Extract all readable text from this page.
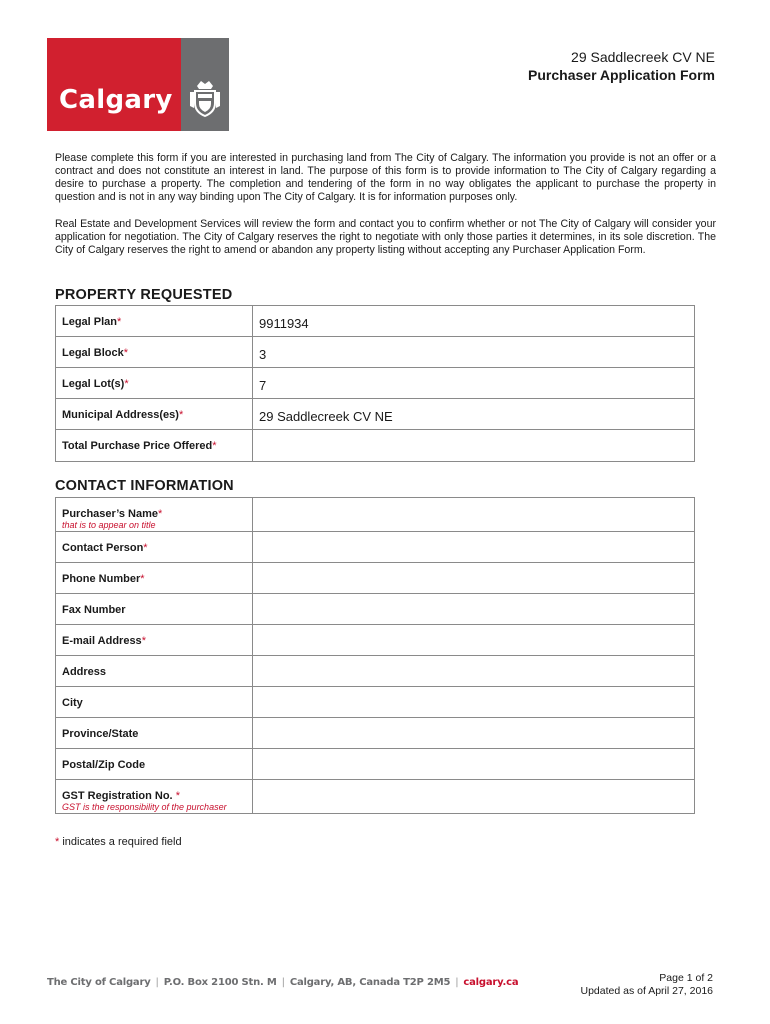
Calgary
29 Saddlecreek CV NE
Purchaser Application Form

Please complete this form if you are interested in purchasing land from The City of Calgary. The information you provide is not an offer or a contract and does not constitute an interest in land. The purpose of this form is to provide information to The City of Calgary regarding a desire to purchase a property. The completion and tendering of the form in no way obligates the applicant to purchase the property in question and is not in any way binding upon The City of Calgary. It is for information purposes only.

Real Estate and Development Services will review the form and contact you to confirm whether or not The City of Calgary will consider your application for negotiation. The City of Calgary reserves the right to negotiate with only those parties it determines, in its sole discretion. The City of Calgary reserves the right to amend or abandon any property listing without accepting any Purchaser Application Form.

PROPERTY REQUESTED
Legal Plan*	9911934
Legal Block*	3
Legal Lot(s)*	7
Municipal Address(es)*	29 Saddlecreek CV NE
Total Purchase Price Offered*	
CONTACT INFORMATION
Purchaser’s Name*
that is to appear on title	

Contact Person*	
Phone Number*	
Fax Number	
E-mail Address*	
Address	
City	
Province/State	
Postal/Zip Code	
GST Registration No. *
GST is the responsibility of the purchaser	

* indicates a required field
The City of Calgary | P.O. Box 2100 Stn. M | Calgary, AB, Canada T2P 2M5 | calgary.ca	Page 1 of 2
Updated as of April 27, 2016
